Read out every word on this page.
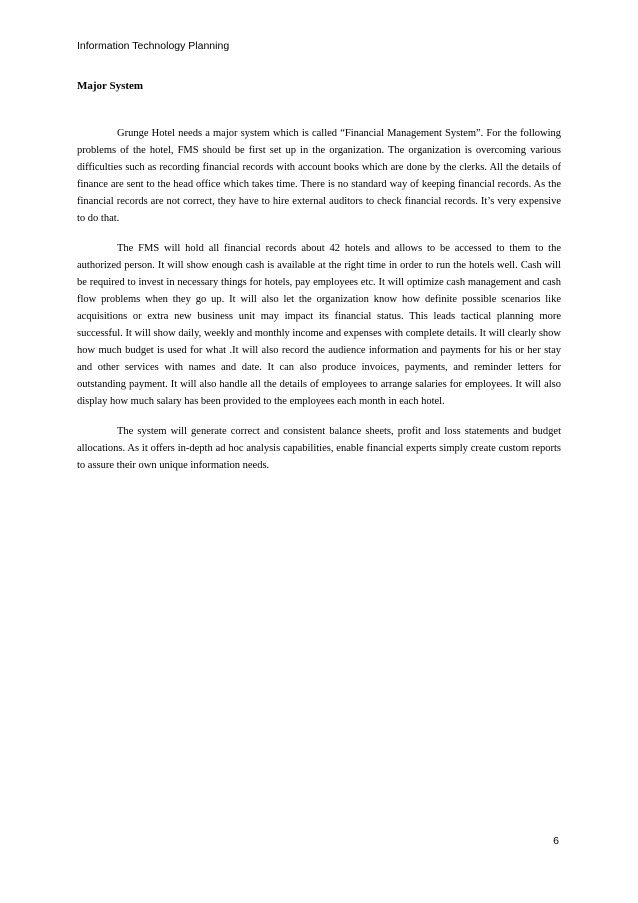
Information Technology Planning
Major System

Grunge Hotel needs a major system which is called “Financial Management System”. For the following problems of the hotel, FMS should be first set up in the organization. The organization is overcoming various difficulties such as recording financial records with account books which are done by the clerks. All the details of finance are sent to the head office which takes time. There is no standard way of keeping financial records. As the financial records are not correct, they have to hire external auditors to check financial records. It’s very expensive to do that.

The FMS will hold all financial records about 42 hotels and allows to be accessed to them to the authorized person. It will show enough cash is available at the right time in order to run the hotels well. Cash will be required to invest in necessary things for hotels, pay employees etc. It will optimize cash management and cash flow problems when they go up. It will also let the organization know how definite possible scenarios like acquisitions or extra new business unit may impact its financial status. This leads tactical planning more successful. It will show daily, weekly and monthly income and expenses with complete details. It will clearly show how much budget is used for what .It will also record the audience information and payments for his or her stay and other services with names and date. It can also produce invoices, payments, and reminder letters for outstanding payment. It will also handle all the details of employees to arrange salaries for employees. It will also display how much salary has been provided to the employees each month in each hotel.

The system will generate correct and consistent balance sheets, profit and loss statements and budget allocations. As it offers in-depth ad hoc analysis capabilities, enable financial experts simply create custom reports to assure their own unique information needs.

6
